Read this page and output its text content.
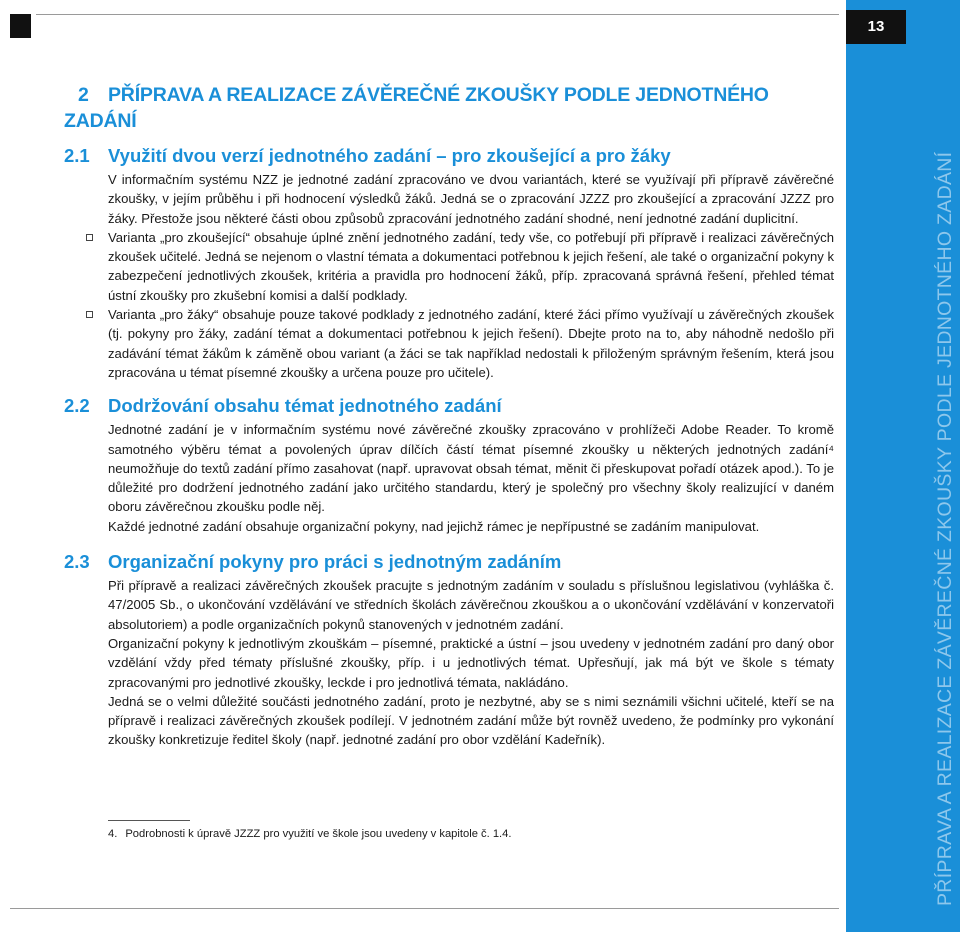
13
PŘÍPRAVA A REALIZACE ZÁVĚREČNÉ ZKOUŠKY PODLE JEDNOTNÉHO ZADÁNÍ
2 PŘÍPRAVA A REALIZACE ZÁVĚREČNÉ ZKOUŠKY PODLE JEDNOTNÉHO ZADÁNÍ
2.1 Využití dvou verzí jednotného zadání – pro zkoušející a pro žáky

V informačním systému NZZ je jednotné zadání zpracováno ve dvou variantách, které se využívají při přípravě závěrečné zkoušky, v jejím průběhu i při hodnocení výsledků žáků. Jedná se o zpracování JZZZ pro zkoušející a zpracování JZZZ pro žáky. Přestože jsou některé části obou způsobů zpracování jednotného zadání shodné, není jednotné zadání duplicitní.

Varianta „pro zkoušející“ obsahuje úplné znění jednotného zadání, tedy vše, co potřebují při přípravě i realizaci závěrečných zkoušek učitelé. Jedná se nejenom o vlastní témata a dokumentaci potřebnou k jejich řešení, ale také o organizační pokyny k zabezpečení jednotlivých zkoušek, kritéria a pravidla pro hodnocení žáků, příp. zpracovaná správná řešení, přehled témat ústní zkoušky pro zkušební komisi a další podklady.
Varianta „pro žáky“ obsahuje pouze takové podklady z jednotného zadání, které žáci přímo využívají u závěrečných zkoušek (tj. pokyny pro žáky, zadání témat a dokumentaci potřebnou k jejich řešení). Dbejte proto na to, aby náhodně nedošlo při zadávání témat žákům k záměně obou variant (a žáci se tak například nedostali k přiloženým správným řešením, která jsou zpracována u témat písemné zkoušky a určena pouze pro učitele).
2.2 Dodržování obsahu témat jednotného zadání

Jednotné zadání je v informačním systému nové závěrečné zkoušky zpracováno v prohlížeči Adobe Reader. To kromě samotného výběru témat a povolených úprav dílčích částí témat písemné zkoušky u některých jednotných zadání⁴ neumožňuje do textů zadání přímo zasahovat (např. upravovat obsah témat, měnit či přeskupovat pořadí otázek apod.). To je důležité pro dodržení jednotného zadání jako určitého standardu, který je společný pro všechny školy realizující v daném oboru závěrečnou zkoušku podle něj.

Každé jednotné zadání obsahuje organizační pokyny, nad jejichž rámec je nepřípustné se zadáním manipulovat.

2.3 Organizační pokyny pro práci s jednotným zadáním

Při přípravě a realizaci závěrečných zkoušek pracujte s jednotným zadáním v souladu s příslušnou legislativou (vyhláška č. 47/2005 Sb., o ukončování vzdělávání ve středních školách závěrečnou zkouškou a o ukončování vzdělávání v konzervatoři absolutoriem) a podle organizačních pokynů stanovených v jednotném zadání.

Organizační pokyny k jednotlivým zkouškám – písemné, praktické a ústní – jsou uvedeny v jednotném zadání pro daný obor vzdělání vždy před tématy příslušné zkoušky, příp. i u jednotlivých témat. Upřesňují, jak má být ve škole s tématy zpracovanými pro jednotlivé zkoušky, leckde i pro jednotlivá témata, nakládáno.

Jedná se o velmi důležité součásti jednotného zadání, proto je nezbytné, aby se s nimi seznámili všichni učitelé, kteří se na přípravě i realizaci závěrečných zkoušek podílejí. V jednotném zadání může být rovněž uvedeno, že podmínky pro vykonání zkoušky konkretizuje ředitel školy (např. jednotné zadání pro obor vzdělání Kadeřník).

4. Podrobnosti k úpravě JZZZ pro využití ve škole jsou uvedeny v kapitole č. 1.4.
